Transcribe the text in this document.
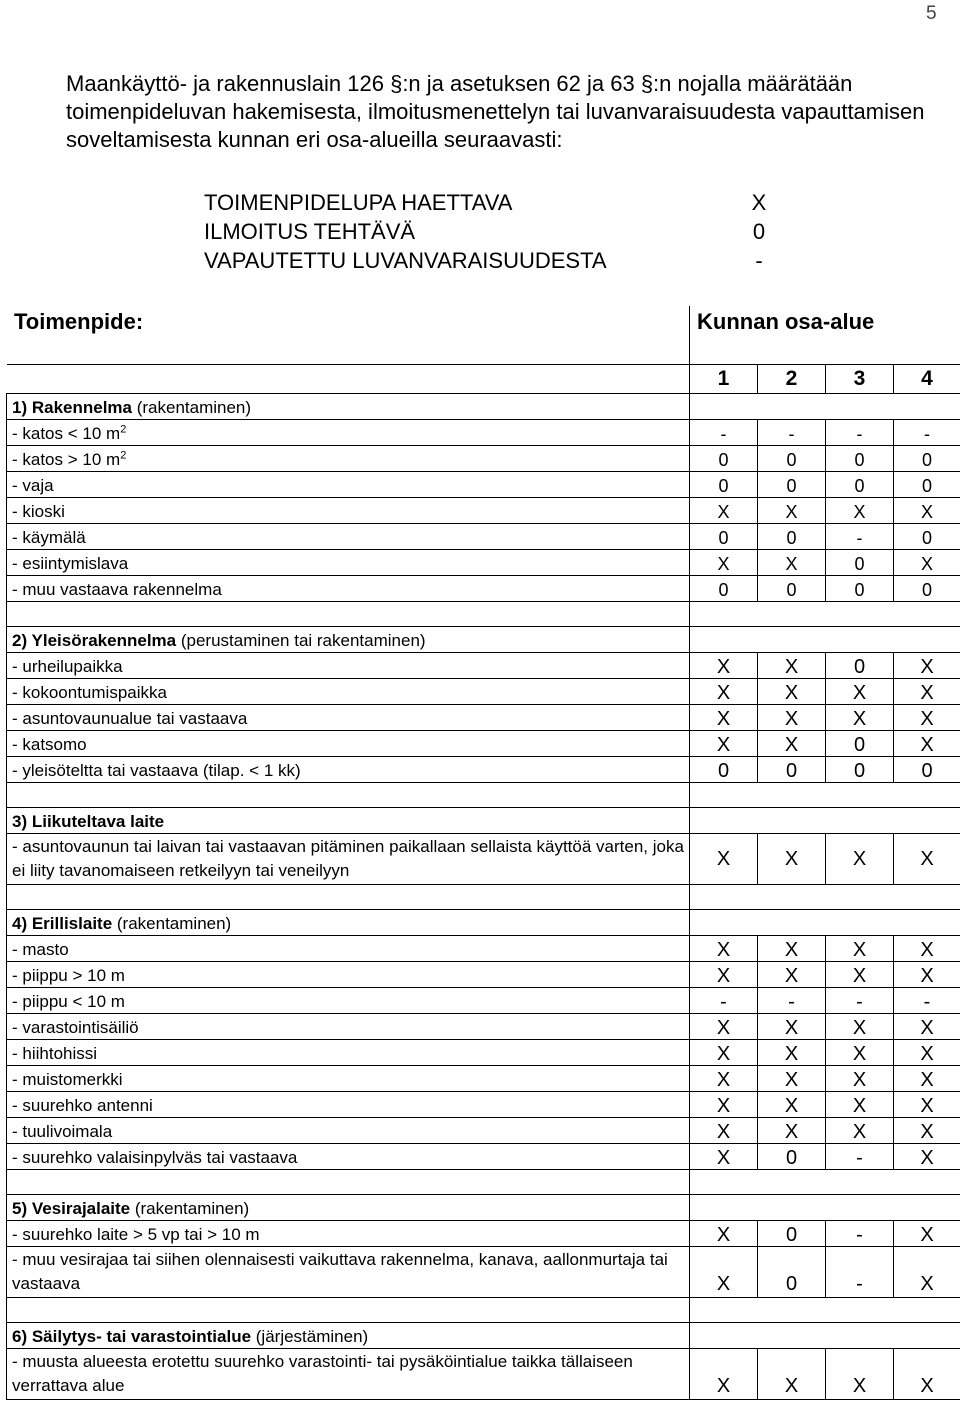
5
Maankäyttö- ja rakennuslain 126 §:n ja asetuksen 62 ja 63 §:n nojalla määrätään toimenpideluvan hakemisesta, ilmoitusmenettelyn tai luvanvaraisuudesta vapauttamisen soveltamisesta kunnan eri osa-alueilla seuraavasti:
TOIMENPIDELUPA HAETTAVA	X
ILMOITUS TEHTÄVÄ	0
VAPAUTETTU LUVANVARAISUUDESTA	-
Toimenpide:	Kunnan osa-alue

	1	2	3	4
1) Rakennelma (rakentaminen)				
- katos < 10 $m^2$	-	-	-	-
- katos > 10 $m^2$	0	0	0	0
- vaja	0	0	0	0
- kioski	X	X	X	X
- käymälä	0	0	-	0
- esiintymislava	X	X	0	X
- muu vastaava rakennelma	0	0	0	0

2) Yleisörakennelma (perustaminen tai rakentaminen)				
- urheilupaikka	X	X	0	X
- kokoontumispaikka	X	X	X	X
- asuntovaunualue tai vastaava	X	X	X	X
- katsomo	X	X	0	X
- yleisöteltta tai vastaava (tilap. < 1 kk)	0	0	0	0

3) Liikuteltava laite				
- asuntovaunun tai laivan tai vastaavan pitäminen paikallaan sellaista käyttöä varten, joka ei liity tavanomaiseen retkeilyyn tai veneilyyn	X	X	X	X

4) Erillislaite (rakentaminen)				
- masto	X	X	X	X
- piippu > 10 m	X	X	X	X
- piippu < 10 m	-	-	-	-
- varastointisäiliö	X	X	X	X
- hiihtohissi	X	X	X	X
- muistomerkki	X	X	X	X
- suurehko antenni	X	X	X	X
- tuulivoimala	X	X	X	X
- suurehko valaisinpylväs tai vastaava	X	0	-	X

5) Vesirajalaite (rakentaminen)				
- suurehko laite > 5 vp tai > 10 m	X	0	-	X
- muu vesirajaa tai siihen olennaisesti vaikuttava rakennelma, kanava, aallonmurtaja tai vastaava	X	0	-	X

6) Säilytys- tai varastointialue (järjestäminen)				
- muusta alueesta erotettu suurehko varastointi- tai pysäköintialue taikka tällaiseen verrattava alue	X	X	X	X
